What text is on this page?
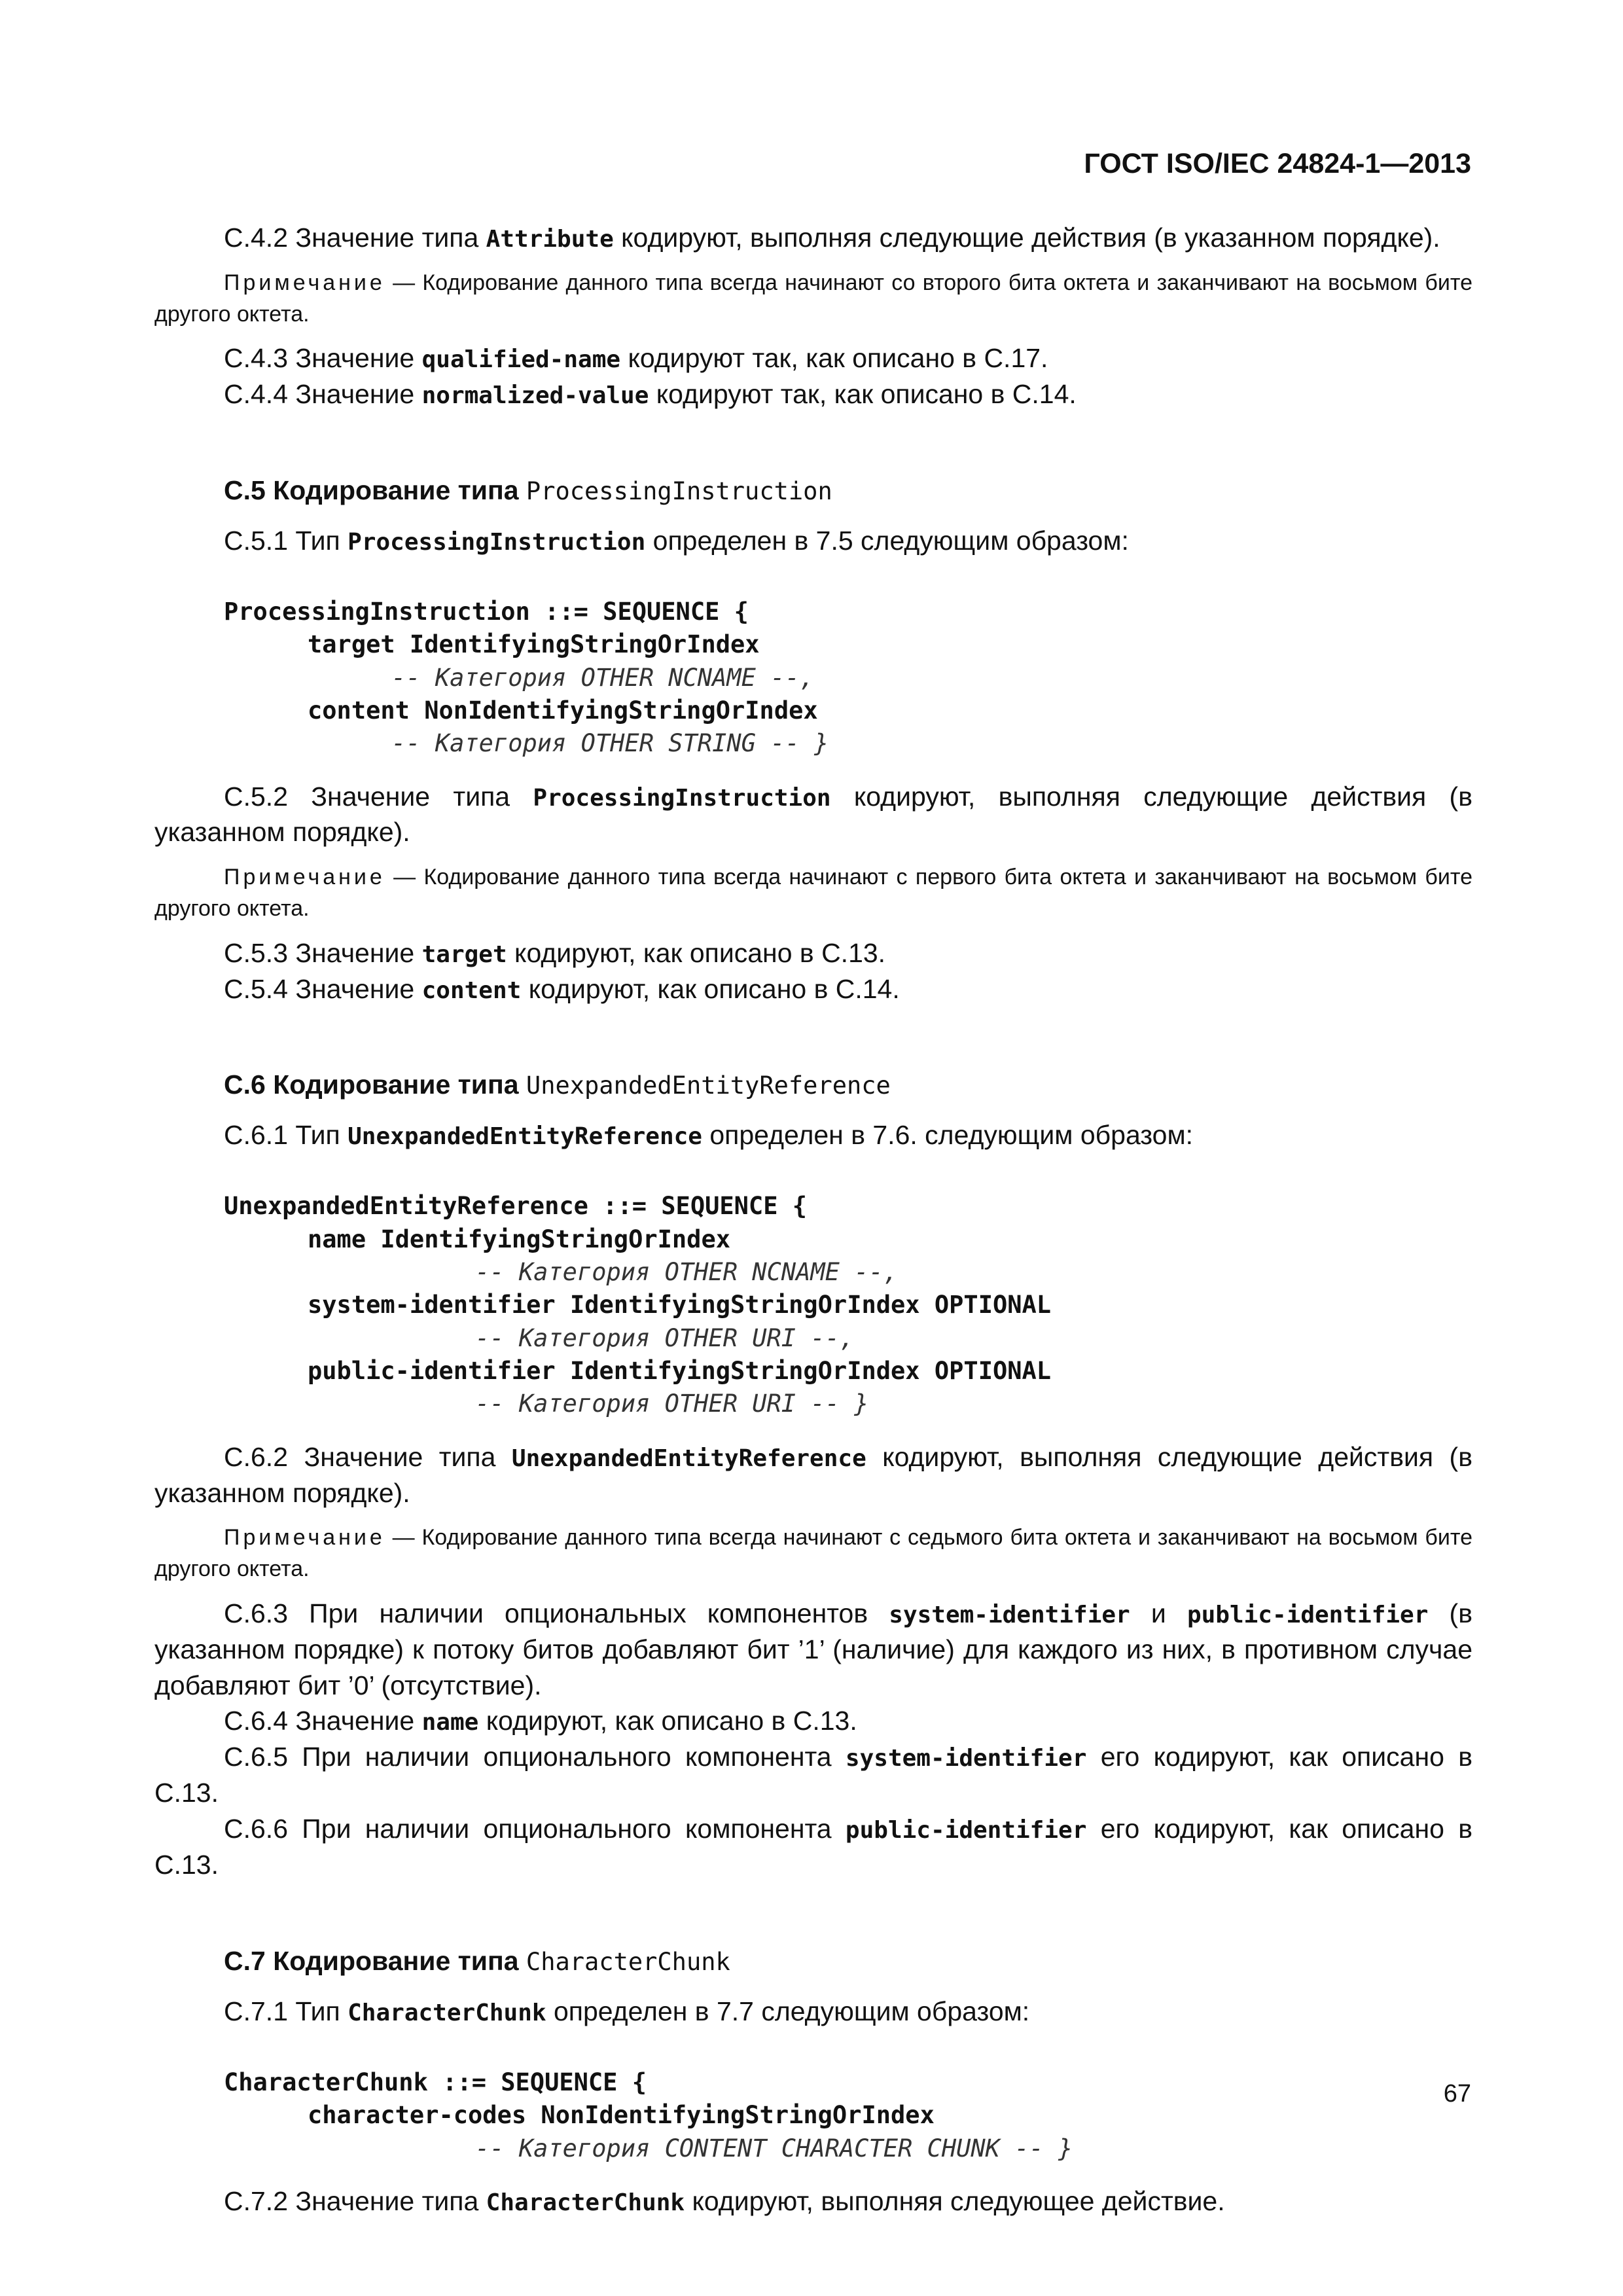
ГОСТ ISO/IEC 24824-1—2013

С.4.2 Значение типа Attribute кодируют, выполняя следующие действия (в указанном порядке).

Примечание — Кодирование данного типа всегда начинают со второго бита октета и заканчивают на восьмом бите другого октета.

С.4.3 Значение qualified-name кодируют так, как описано в С.17.

С.4.4 Значение normalized-value кодируют так, как описано в С.14.

С.5 Кодирование типа ProcessingInstruction

С.5.1 Тип ProcessingInstruction определен в 7.5 следующим образом:

ProcessingInstruction ::= SEQUENCE {
target IdentifyingStringOrIndex
-- Категория OTHER NCNAME --,
content NonIdentifyingStringOrIndex
-- Категория OTHER STRING -- }

С.5.2 Значение типа ProcessingInstruction кодируют, выполняя следующие действия (в указанном порядке).

Примечание — Кодирование данного типа всегда начинают с первого бита октета и заканчивают на восьмом бите другого октета.

С.5.3 Значение target кодируют, как описано в С.13.

С.5.4 Значение content кодируют, как описано в С.14.

С.6 Кодирование типа UnexpandedEntityReference

С.6.1 Тип UnexpandedEntityReference определен в 7.6. следующим образом:

UnexpandedEntityReference ::= SEQUENCE {
name IdentifyingStringOrIndex
-- Категория OTHER NCNAME --,
system-identifier IdentifyingStringOrIndex OPTIONAL
-- Категория OTHER URI --,
public-identifier IdentifyingStringOrIndex OPTIONAL
-- Категория OTHER URI -- }

С.6.2 Значение типа UnexpandedEntityReference кодируют, выполняя следующие действия (в указанном порядке).

Примечание — Кодирование данного типа всегда начинают с седьмого бита октета и заканчивают на восьмом бите другого октета.

С.6.3 При наличии опциональных компонентов system-identifier и public-identifier (в указанном порядке) к потоку битов добавляют бит ’1’ (наличие) для каждого из них, в противном случае добавляют бит ’0’ (отсутствие).

С.6.4 Значение name кодируют, как описано в С.13.

С.6.5 При наличии опционального компонента system-identifier его кодируют, как описано в С.13.

С.6.6 При наличии опционального компонента public-identifier его кодируют, как описано в С.13.

С.7 Кодирование типа CharacterChunk

С.7.1 Тип CharacterChunk определен в 7.7 следующим образом:

CharacterChunk ::= SEQUENCE {
character-codes NonIdentifyingStringOrIndex
-- Категория CONTENT CHARACTER CHUNK -- }

С.7.2 Значение типа CharacterChunk кодируют, выполняя следующее действие.

67
